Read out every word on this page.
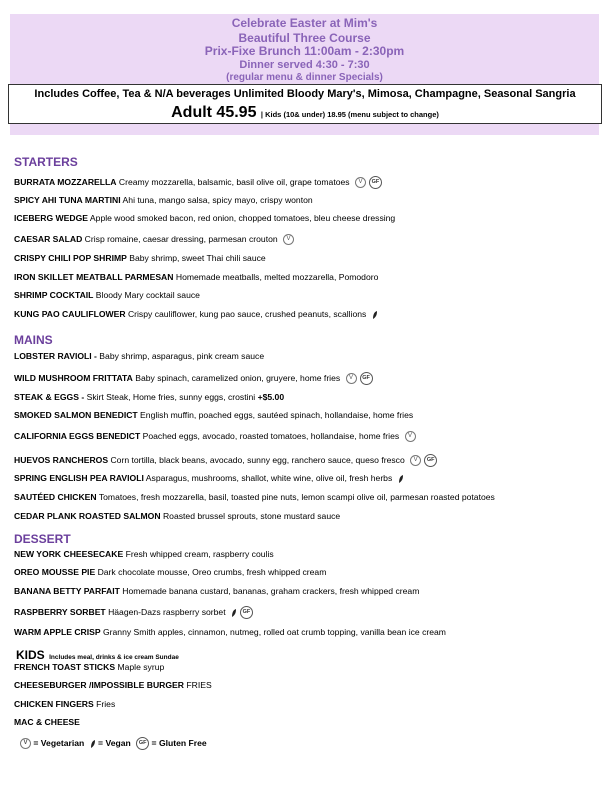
Celebrate Easter at Mim's
Beautiful Three Course
Prix-Fixe Brunch 11:00am - 2:30pm
Dinner served 4:30 - 7:30
(regular menu & dinner Specials)
Includes Coffee, Tea & N/A beverages Unlimited Bloody Mary's, Mimosa, Champagne, Seasonal Sangria
Adult 45.95 | Kids (10& under) 18.95 (menu subject to change)
STARTERS
BURRATA MOZZARELLA Creamy mozzarella, balsamic, basil olive oil, grape tomatoes V GF
SPICY AHI TUNA MARTINI Ahi tuna, mango salsa, spicy mayo, crispy wonton
ICEBERG WEDGE Apple wood smoked bacon, red onion, chopped tomatoes, bleu cheese dressing
CAESAR SALAD Crisp romaine, caesar dressing, parmesan crouton V
CRISPY CHILI POP SHRIMP Baby shrimp, sweet Thai chili sauce
IRON SKILLET MEATBALL PARMESAN Homemade meatballs, melted mozzarella, Pomodoro
SHRIMP COCKTAIL Bloody Mary cocktail sauce
KUNG PAO CAULIFLOWER Crispy cauliflower, kung pao sauce, crushed peanuts, scallions
MAINS
LOBSTER RAVIOLI - Baby shrimp, asparagus, pink cream sauce
WILD MUSHROOM FRITTATA Baby spinach, caramelized onion, gruyere, home fries V GF
STEAK & EGGS - Skirt Steak, Home fries, sunny eggs, crostini +$5.00
SMOKED SALMON BENEDICT English muffin, poached eggs, sautéed spinach, hollandaise, home fries
CALIFORNIA EGGS BENEDICT Poached eggs, avocado, roasted tomatoes, hollandaise, home fries V
HUEVOS RANCHEROS Corn tortilla, black beans, avocado, sunny egg, ranchero sauce, queso fresco V GF
SPRING ENGLISH PEA RAVIOLI Asparagus, mushrooms, shallot, white wine, olive oil, fresh herbs
SAUTÉED CHICKEN Tomatoes, fresh mozzarella, basil, toasted pine nuts, lemon scampi olive oil, parmesan roasted potatoes
CEDAR PLANK ROASTED SALMON Roasted brussel sprouts, stone mustard sauce
DESSERT
NEW YORK CHEESECAKE Fresh whipped cream, raspberry coulis
OREO MOUSSE PIE Dark chocolate mousse, Oreo crumbs, fresh whipped cream
BANANA BETTY PARFAIT Homemade banana custard, bananas, graham crackers, fresh whipped cream
RASPBERRY SORBET Häagen-Dazs raspberry sorbet	GF
WARM APPLE CRISP Granny Smith apples, cinnamon, nutmeg, rolled oat crumb topping, vanilla bean ice cream
KIDS Includes meal, drinks & ice cream Sundae
FRENCH TOAST STICKS Maple syrup
CHEESEBURGER /IMPOSSIBLE BURGER FRIES
CHICKEN FINGERS Fries
MAC & CHEESE
V = Vegetarian  = Vegan GF = Gluten Free
